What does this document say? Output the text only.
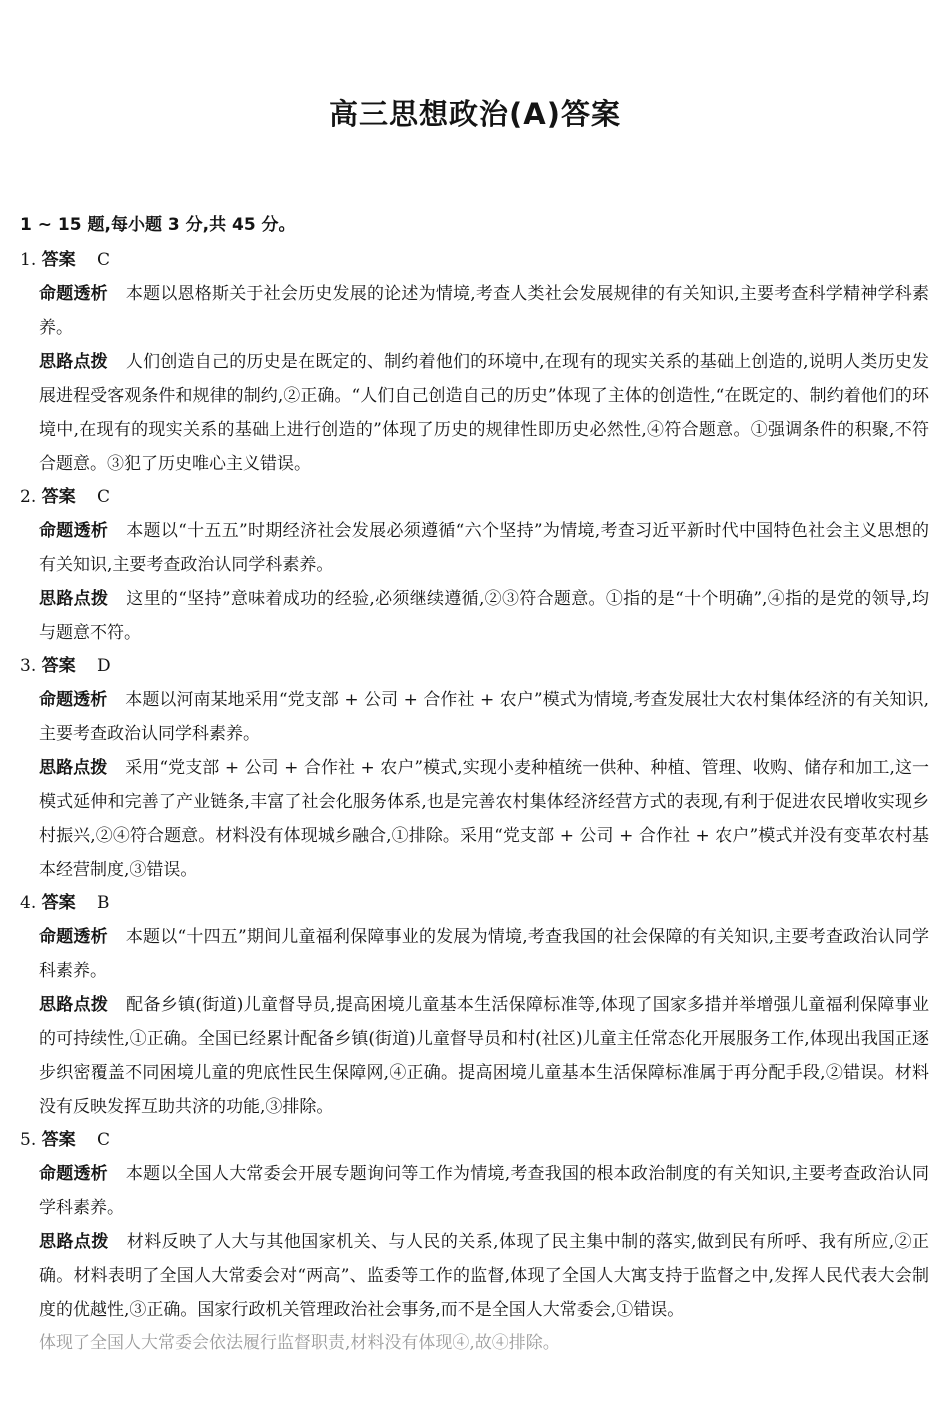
高三思想政治(A)答案
1 ~ 15 题,每小题 3 分,共 45 分。
1. 答案 C
命题透析 本题以恩格斯关于社会历史发展的论述为情境,考查人类社会发展规律的有关知识,主要考查科学精神学科素养。
思路点拨 人们创造自己的历史是在既定的、制约着他们的环境中,在现有的现实关系的基础上创造的,说明人类历史发展进程受客观条件和规律的制约,②正确。“人们自己创造自己的历史”体现了主体的创造性,“在既定的、制约着他们的环境中,在现有的现实关系的基础上进行创造的”体现了历史的规律性即历史必然性,④符合题意。①强调条件的积聚,不符合题意。③犯了历史唯心主义错误。
2. 答案 C
命题透析 本题以“十五五”时期经济社会发展必须遵循“六个坚持”为情境,考查习近平新时代中国特色社会主义思想的有关知识,主要考查政治认同学科素养。
思路点拨 这里的“坚持”意味着成功的经验,必须继续遵循,②③符合题意。①指的是“十个明确”,④指的是党的领导,均与题意不符。
3. 答案 D
命题透析 本题以河南某地采用“党支部 + 公司 + 合作社 + 农户”模式为情境,考查发展壮大农村集体经济的有关知识,主要考查政治认同学科素养。
思路点拨 采用“党支部 + 公司 + 合作社 + 农户”模式,实现小麦种植统一供种、种植、管理、收购、储存和加工,这一模式延伸和完善了产业链条,丰富了社会化服务体系,也是完善农村集体经济经营方式的表现,有利于促进农民增收实现乡村振兴,②④符合题意。材料没有体现城乡融合,①排除。采用“党支部 + 公司 + 合作社 + 农户”模式并没有变革农村基本经营制度,③错误。
4. 答案 B
命题透析 本题以“十四五”期间儿童福利保障事业的发展为情境,考查我国的社会保障的有关知识,主要考查政治认同学科素养。
思路点拨 配备乡镇(街道)儿童督导员,提高困境儿童基本生活保障标准等,体现了国家多措并举增强儿童福利保障事业的可持续性,①正确。全国已经累计配备乡镇(街道)儿童督导员和村(社区)儿童主任常态化开展服务工作,体现出我国正逐步织密覆盖不同困境儿童的兜底性民生保障网,④正确。提高困境儿童基本生活保障标准属于再分配手段,②错误。材料没有反映发挥互助共济的功能,③排除。
5. 答案 C
命题透析 本题以全国人大常委会开展专题询问等工作为情境,考查我国的根本政治制度的有关知识,主要考查政治认同学科素养。
思路点拨 材料反映了人大与其他国家机关、与人民的关系,体现了民主集中制的落实,做到民有所呼、我有所应,②正确。材料表明了全国人大常委会对“两高”、监委等工作的监督,体现了全国人大寓支持于监督之中,发挥人民代表大会制度的优越性,③正确。国家行政机关管理政治社会事务,而不是全国人大常委会,①错误。
体现了全国人大常委会依法履行监督职责,材料没有体现④,故④排除。
